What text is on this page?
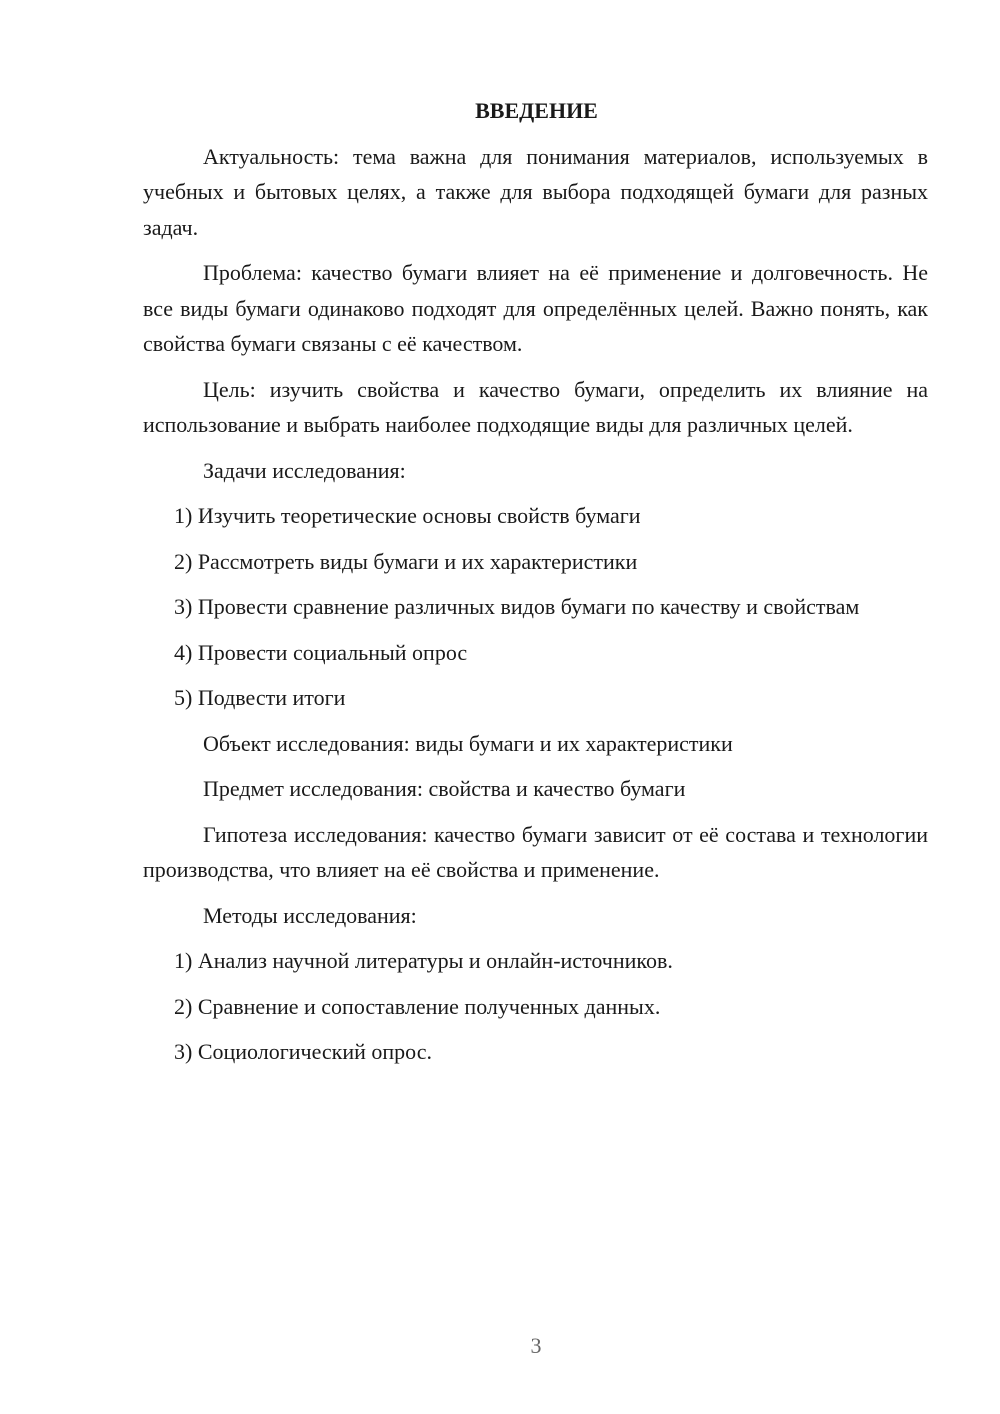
ВВЕДЕНИЕ

Актуальность: тема важна для понимания материалов, используемых в учебных и бытовых целях, а также для выбора подходящей бумаги для разных задач.

Проблема: качество бумаги влияет на её применение и долговечность. Не все виды бумаги одинаково подходят для определённых целей. Важно понять, как свойства бумаги связаны с её качеством.

Цель: изучить свойства и качество бумаги, определить их влияние на использование и выбрать наиболее подходящие виды для различных целей.

Задачи исследования:

1) Изучить теоретические основы свойств бумаги

2) Рассмотреть виды бумаги и их характеристики

3) Провести сравнение различных видов бумаги по качеству и свойствам

4) Провести социальный опрос

5) Подвести итоги

Объект исследования: виды бумаги и их характеристики

Предмет исследования: свойства и качество бумаги

Гипотеза исследования: качество бумаги зависит от её состава и технологии производства, что влияет на её свойства и применение.

Методы исследования:

1) Анализ научной литературы и онлайн-источников.

2) Сравнение и сопоставление полученных данных.

3) Социологический опрос.

3
